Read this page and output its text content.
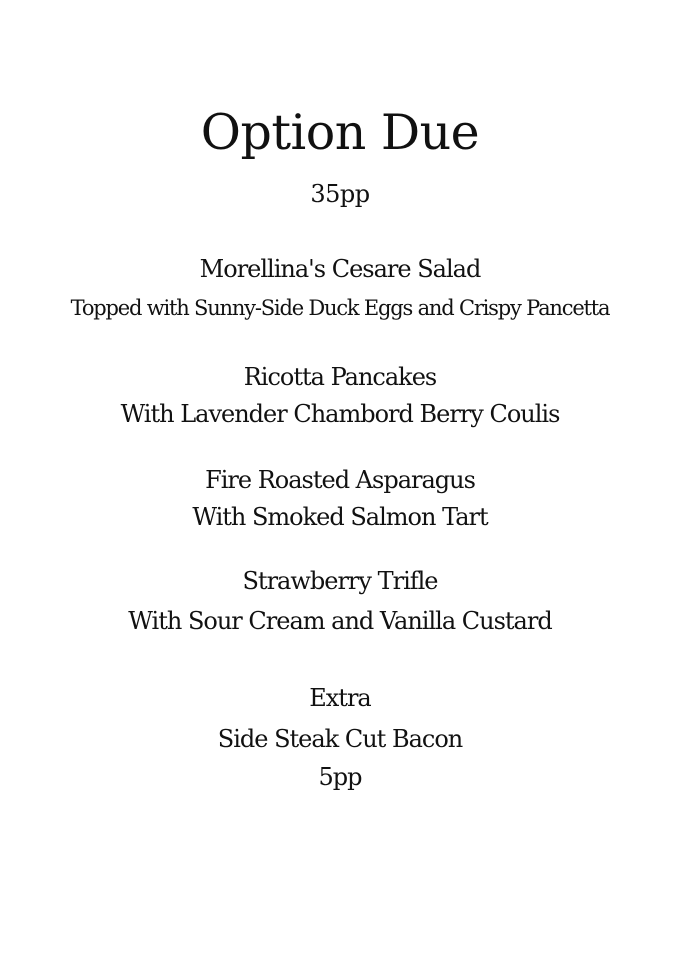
Option Due
35pp
Morellina's Cesare Salad
Topped with Sunny-Side Duck Eggs and Crispy Pancetta
Ricotta Pancakes
With Lavender Chambord Berry Coulis
Fire Roasted Asparagus
With Smoked Salmon Tart
Strawberry Trifle
With Sour Cream and Vanilla Custard
Extra
Side Steak Cut Bacon
5pp
